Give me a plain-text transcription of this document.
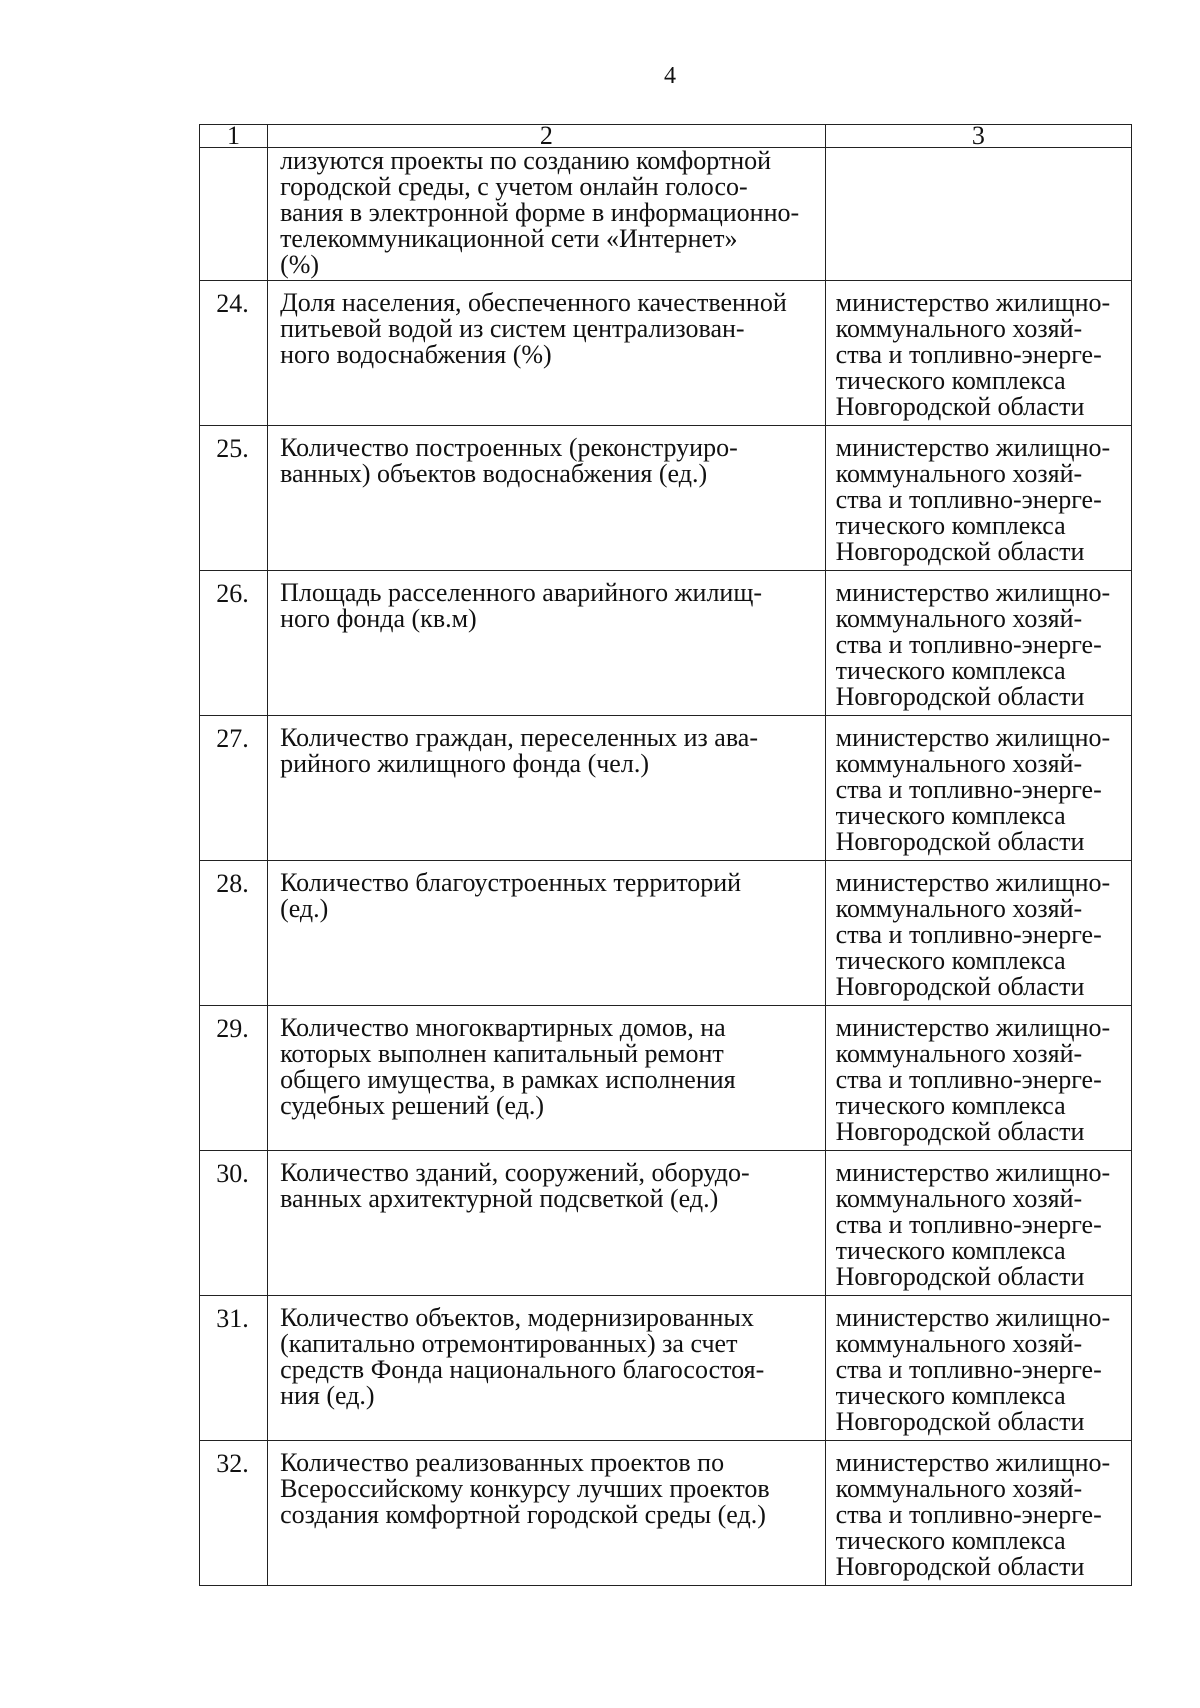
4
1	2	3

	лизуются проекты по созданию комфортной
городской среды, с учетом онлайн голосо-
вания в электронной форме в информационно-
телекоммуникационной сети «Интернет»
(%)	

24.	Доля населения, обеспеченного качественной
питьевой водой из систем централизован-
ного водоснабжения (%)	министерство жилищно-
коммунального хозяй-
ства и топливно-энерге-
тического комплекса
Новгородской области

25.	Количество построенных (реконструиро-
ванных) объектов водоснабжения (ед.)	министерство жилищно-
коммунального хозяй-
ства и топливно-энерге-
тического комплекса
Новгородской области

26.	Площадь расселенного аварийного жилищ-
ного фонда (кв.м)	министерство жилищно-
коммунального хозяй-
ства и топливно-энерге-
тического комплекса
Новгородской области

27.	Количество граждан, переселенных из ава-
рийного жилищного фонда (чел.)	министерство жилищно-
коммунального хозяй-
ства и топливно-энерге-
тического комплекса
Новгородской области

28.	Количество благоустроенных территорий
(ед.)	министерство жилищно-
коммунального хозяй-
ства и топливно-энерге-
тического комплекса
Новгородской области

29.	Количество многоквартирных домов, на
которых выполнен капитальный ремонт
общего имущества, в рамках исполнения
судебных решений (ед.)	министерство жилищно-
коммунального хозяй-
ства и топливно-энерге-
тического комплекса
Новгородской области

30.	Количество зданий, сооружений, оборудо-
ванных архитектурной подсветкой (ед.)	министерство жилищно-
коммунального хозяй-
ства и топливно-энерге-
тического комплекса
Новгородской области

31.	Количество объектов, модернизированных
(капитально отремонтированных) за счет
средств Фонда национального благосостоя-
ния (ед.)	министерство жилищно-
коммунального хозяй-
ства и топливно-энерге-
тического комплекса
Новгородской области

32.	Количество реализованных проектов по
Всероссийскому конкурсу лучших проектов
создания комфортной городской среды (ед.)	министерство жилищно-
коммунального хозяй-
ства и топливно-энерге-
тического комплекса
Новгородской области
